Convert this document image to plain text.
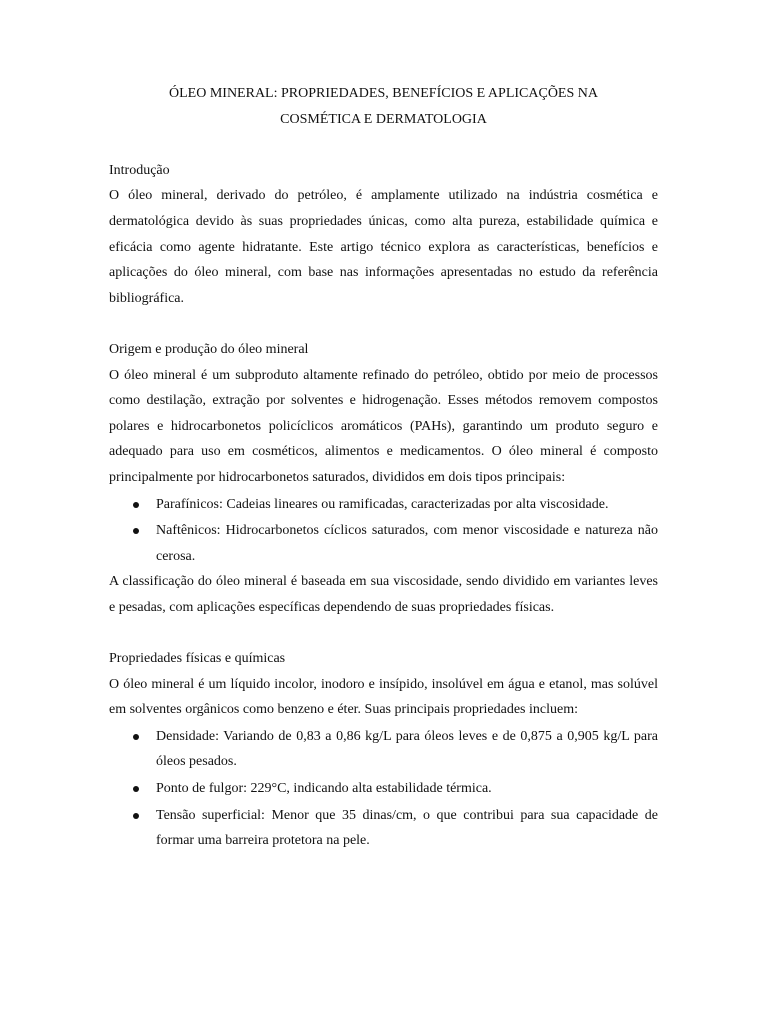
ÓLEO MINERAL: PROPRIEDADES, BENEFÍCIOS E APLICAÇÕES NA
COSMÉTICA E DERMATOLOGIA

Introdução

O óleo mineral, derivado do petróleo, é amplamente utilizado na indústria cosmética e dermatológica devido às suas propriedades únicas, como alta pureza, estabilidade química e eficácia como agente hidratante. Este artigo técnico explora as características, benefícios e aplicações do óleo mineral, com base nas informações apresentadas no estudo da referência bibliográfica.

Origem e produção do óleo mineral

O óleo mineral é um subproduto altamente refinado do petróleo, obtido por meio de processos como destilação, extração por solventes e hidrogenação. Esses métodos removem compostos polares e hidrocarbonetos policíclicos aromáticos (PAHs), garantindo um produto seguro e adequado para uso em cosméticos, alimentos e medicamentos. O óleo mineral é composto principalmente por hidrocarbonetos saturados, divididos em dois tipos principais:

Parafínicos: Cadeias lineares ou ramificadas, caracterizadas por alta viscosidade.
Naftênicos: Hidrocarbonetos cíclicos saturados, com menor viscosidade e natureza não cerosa.

A classificação do óleo mineral é baseada em sua viscosidade, sendo dividido em variantes leves e pesadas, com aplicações específicas dependendo de suas propriedades físicas.

Propriedades físicas e químicas

O óleo mineral é um líquido incolor, inodoro e insípido, insolúvel em água e etanol, mas solúvel em solventes orgânicos como benzeno e éter. Suas principais propriedades incluem:

Densidade: Variando de 0,83 a 0,86 kg/L para óleos leves e de 0,875 a 0,905 kg/L para óleos pesados.
Ponto de fulgor: 229°C, indicando alta estabilidade térmica.
Tensão superficial: Menor que 35 dinas/cm, o que contribui para sua capacidade de formar uma barreira protetora na pele.
